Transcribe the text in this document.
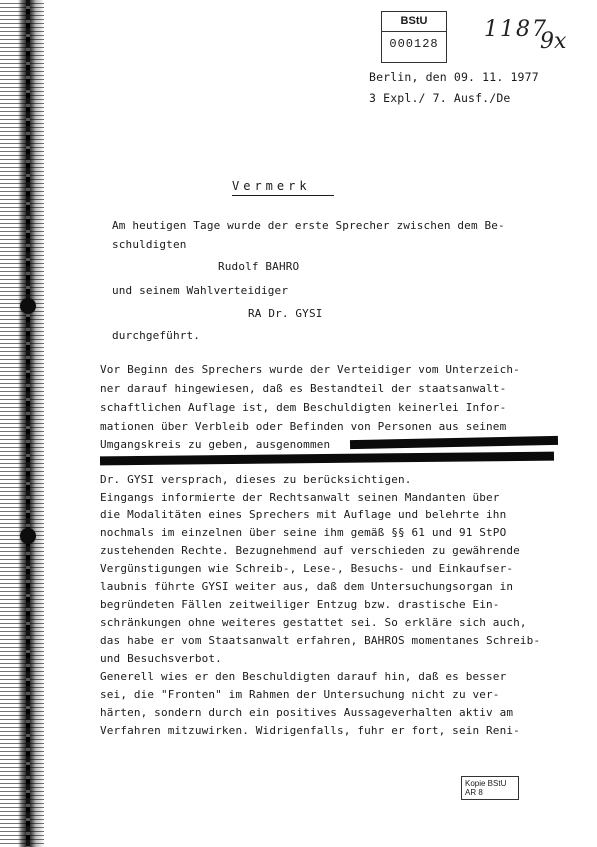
BStU
000128
1187
9x
Berlin, den 09. 11. 1977
3 Expl./ 7. Ausf./De
Vermerk
Am heutigen Tage wurde der erste Sprecher zwischen dem Be-
schuldigten
Rudolf BAHRO
und seinem Wahlverteidiger
RA Dr. GYSI
durchgeführt.
Vor Beginn des Sprechers wurde der Verteidiger vom Unterzeich-
ner darauf hingewiesen, daß es Bestandteil der staatsanwalt-
schaftlichen Auflage ist, dem Beschuldigten keinerlei Infor-
mationen über Verbleib oder Befinden von Personen aus seinem
Umgangskreis zu geben, ausgenommen
Dr. GYSI versprach, dieses zu berücksichtigen.
Eingangs informierte der Rechtsanwalt seinen Mandanten über
die Modalitäten eines Sprechers mit Auflage und belehrte ihn
nochmals im einzelnen über seine ihm gemäß §§ 61 und 91 StPO
zustehenden Rechte. Bezugnehmend auf verschieden zu gewährende
Vergünstigungen wie Schreib-, Lese-, Besuchs- und Einkaufser-
laubnis führte GYSI weiter aus, daß dem Untersuchungsorgan in
begründeten Fällen zeitweiliger Entzug bzw. drastische Ein-
schränkungen ohne weiteres gestattet sei. So erkläre sich auch,
das habe er vom Staatsanwalt erfahren, BAHROS momentanes Schreib-
und Besuchsverbot.
Generell wies er den Beschuldigten darauf hin, daß es besser
sei, die "Fronten" im Rahmen der Untersuchung nicht zu ver-
härten, sondern durch ein positives Aussageverhalten aktiv am
Verfahren mitzuwirken. Widrigenfalls, fuhr er fort, sein Reni-
Kopie BStU
AR 8
